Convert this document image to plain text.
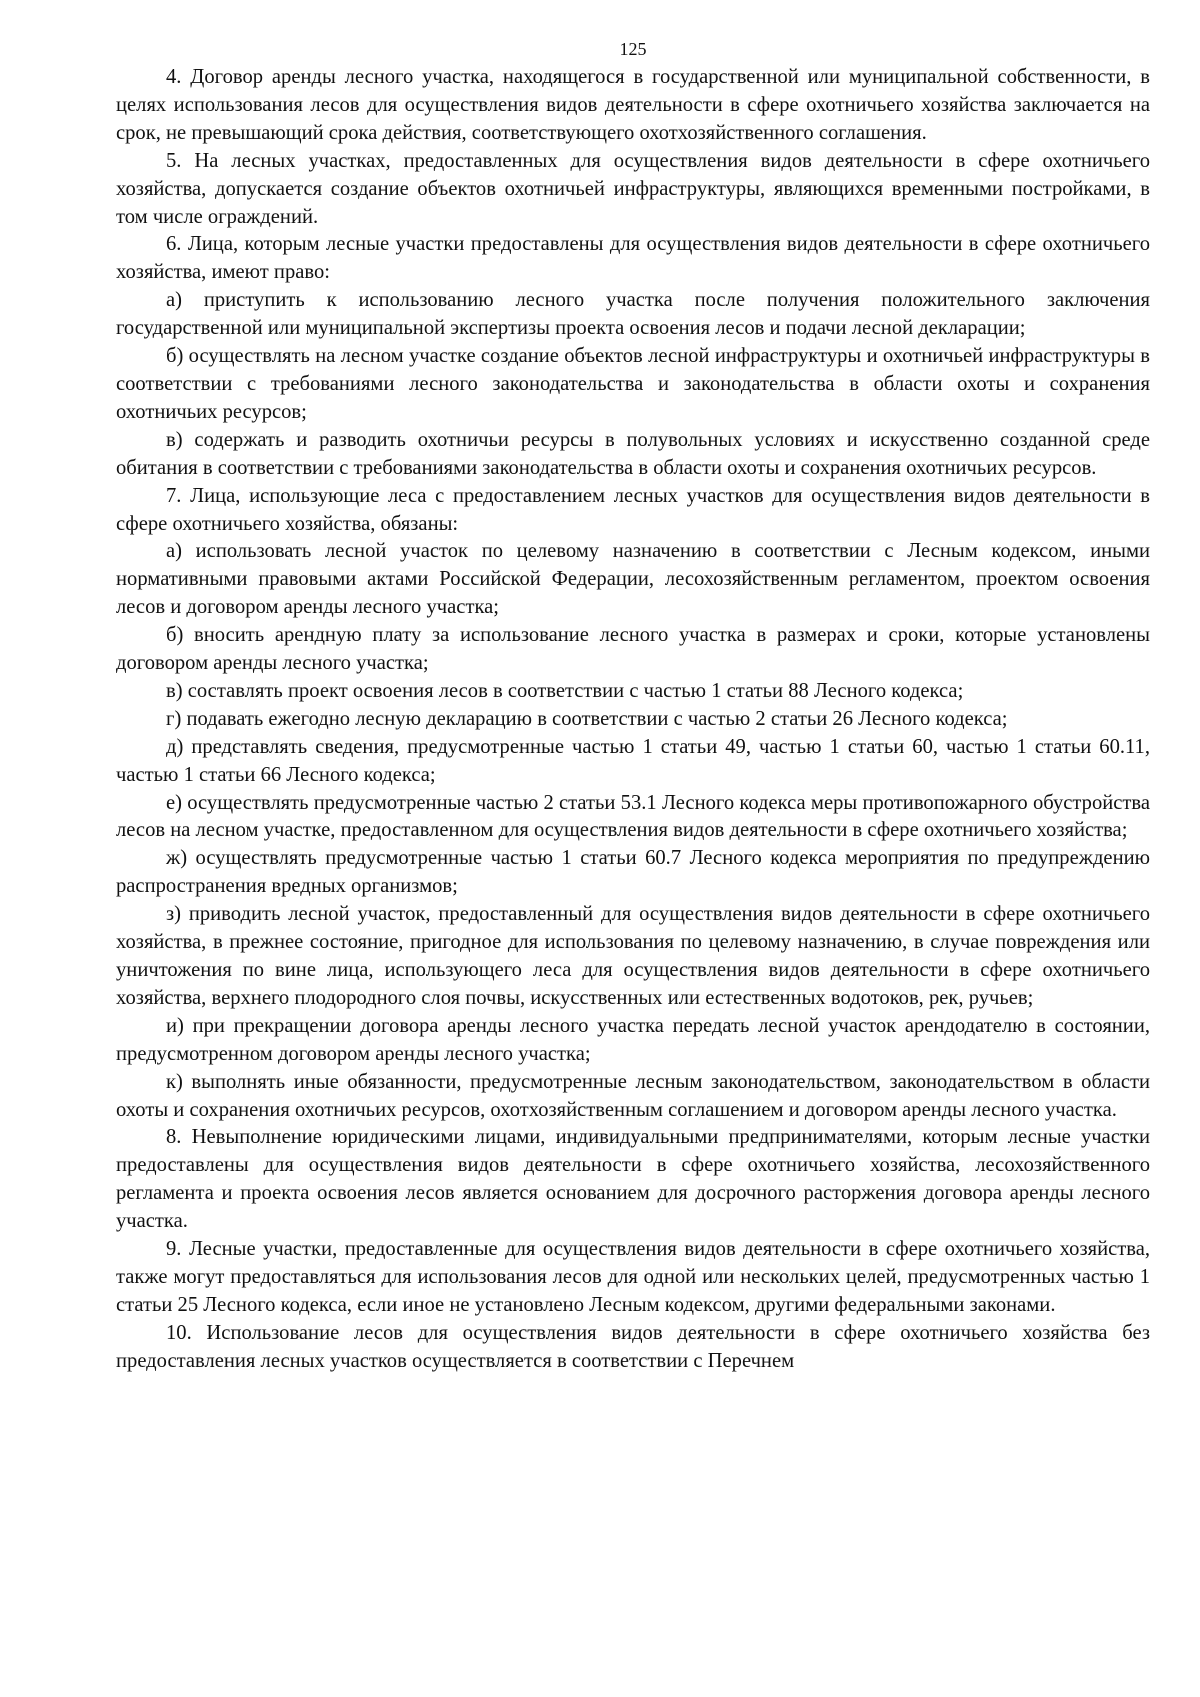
125

4. Договор аренды лесного участка, находящегося в государственной или муниципальной собственности, в целях использования лесов для осуществления видов деятельности в сфере охотничьего хозяйства заключается на срок, не превышающий срока действия, соответствующего охотхозяйственного соглашения.

5. На лесных участках, предоставленных для осуществления видов деятельности в сфере охотничьего хозяйства, допускается создание объектов охотничьей инфраструктуры, являющихся временными постройками, в том числе ограждений.

6. Лица, которым лесные участки предоставлены для осуществления видов деятельности в сфере охотничьего хозяйства, имеют право:

а) приступить к использованию лесного участка после получения положительного заключения государственной или муниципальной экспертизы проекта освоения лесов и подачи лесной декларации;

б) осуществлять на лесном участке создание объектов лесной инфраструктуры и охотничьей инфраструктуры в соответствии с требованиями лесного законодательства и законодательства в области охоты и сохранения охотничьих ресурсов;

в) содержать и разводить охотничьи ресурсы в полувольных условиях и искусственно созданной среде обитания в соответствии с требованиями законодательства в области охоты и сохранения охотничьих ресурсов.

7. Лица, использующие леса с предоставлением лесных участков для осуществления видов деятельности в сфере охотничьего хозяйства, обязаны:

а) использовать лесной участок по целевому назначению в соответствии с Лесным кодексом, иными нормативными правовыми актами Российской Федерации, лесохозяйственным регламентом, проектом освоения лесов и договором аренды лесного участка;

б) вносить арендную плату за использование лесного участка в размерах и сроки, которые установлены договором аренды лесного участка;

в) составлять проект освоения лесов в соответствии с частью 1 статьи 88 Лесного кодекса;

г) подавать ежегодно лесную декларацию в соответствии с частью 2 статьи 26 Лесного кодекса;

д) представлять сведения, предусмотренные частью 1 статьи 49, частью 1 статьи 60, частью 1 статьи 60.11, частью 1 статьи 66 Лесного кодекса;

е) осуществлять предусмотренные частью 2 статьи 53.1 Лесного кодекса меры противопожарного обустройства лесов на лесном участке, предоставленном для осуществления видов деятельности в сфере охотничьего хозяйства;

ж) осуществлять предусмотренные частью 1 статьи 60.7 Лесного кодекса мероприятия по предупреждению распространения вредных организмов;

з) приводить лесной участок, предоставленный для осуществления видов деятельности в сфере охотничьего хозяйства, в прежнее состояние, пригодное для использования по целевому назначению, в случае повреждения или уничтожения по вине лица, использующего леса для осуществления видов деятельности в сфере охотничьего хозяйства, верхнего плодородного слоя почвы, искусственных или естественных водотоков, рек, ручьев;

и) при прекращении договора аренды лесного участка передать лесной участок арендодателю в состоянии, предусмотренном договором аренды лесного участка;

к) выполнять иные обязанности, предусмотренные лесным законодательством, законодательством в области охоты и сохранения охотничьих ресурсов, охотхозяйственным соглашением и договором аренды лесного участка.

8. Невыполнение юридическими лицами, индивидуальными предпринимателями, которым лесные участки предоставлены для осуществления видов деятельности в сфере охотничьего хозяйства, лесохозяйственного регламента и проекта освоения лесов является основанием для досрочного расторжения договора аренды лесного участка.

9. Лесные участки, предоставленные для осуществления видов деятельности в сфере охотничьего хозяйства, также могут предоставляться для использования лесов для одной или нескольких целей, предусмотренных частью 1 статьи 25 Лесного кодекса, если иное не установлено Лесным кодексом, другими федеральными законами.

10. Использование лесов для осуществления видов деятельности в сфере охотничьего хозяйства без предоставления лесных участков осуществляется в соответствии с Перечнем
